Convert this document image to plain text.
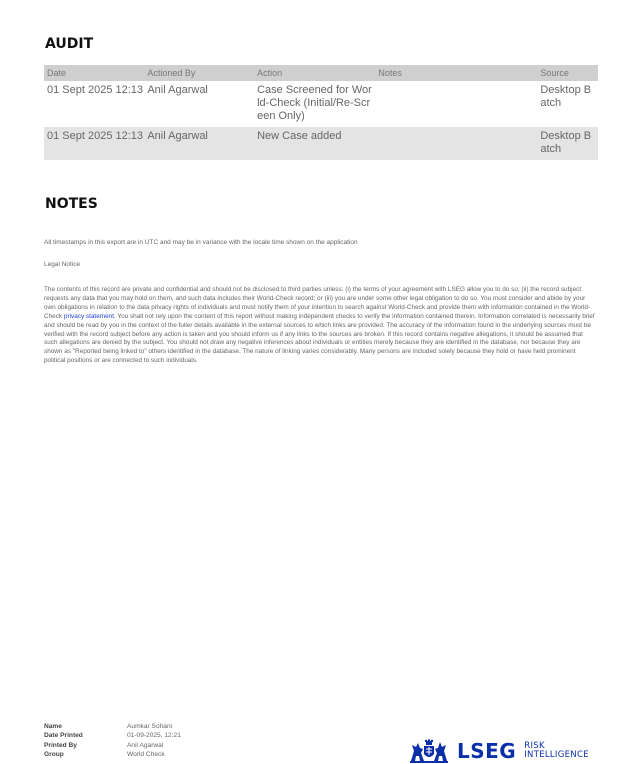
AUDIT
Date	Actioned By	Action	Notes	Source
01 Sept 2025 12:13	Anil Agarwal	Case Screened for World-Check (Initial/Re-Screen Only)		Desktop Batch
01 Sept 2025 12:13	Anil Agarwal	New Case added		Desktop Batch
NOTES

All timestamps in this export are in UTC and may be in variance with the locale time shown on the application

Legal Notice

The contents of this record are private and confidential and should not be disclosed to third parties unless: (i) the terms of your agreement with LSEG allow you to do so; (ii) the record subject requests any data that you may hold on them, and such data includes their World-Check record; or (iii) you are under some other legal obligation to do so. You must consider and abide by your own obligations in relation to the data privacy rights of individuals and must notify them of your intention to search against World-Check and provide them with information contained in the World-Check privacy statement. You shall not rely upon the content of this report without making independent checks to verify the information contained therein. Information correlated is necessarily brief and should be read by you in the context of the fuller details available in the external sources to which links are provided. The accuracy of the information found in the underlying sources must be verified with the record subject before any action is taken and you should inform us if any links to the sources are broken. If this record contains negative allegations, it should be assumed that such allegations are denied by the subject. You should not draw any negative inferences about individuals or entities merely because they are identified in the database, nor because they are shown as "Reported being linked to" others identified in the database. The nature of linking varies considerably. Many persons are included solely because they hold or have held prominent political positions or are connected to such individuals.

Name	Aumkar Sohani
Date Printed	01-09-2025, 12:21
Printed By	Anil Agarwal
Group	World Check	LSEG RISK
INTELLIGENCE
